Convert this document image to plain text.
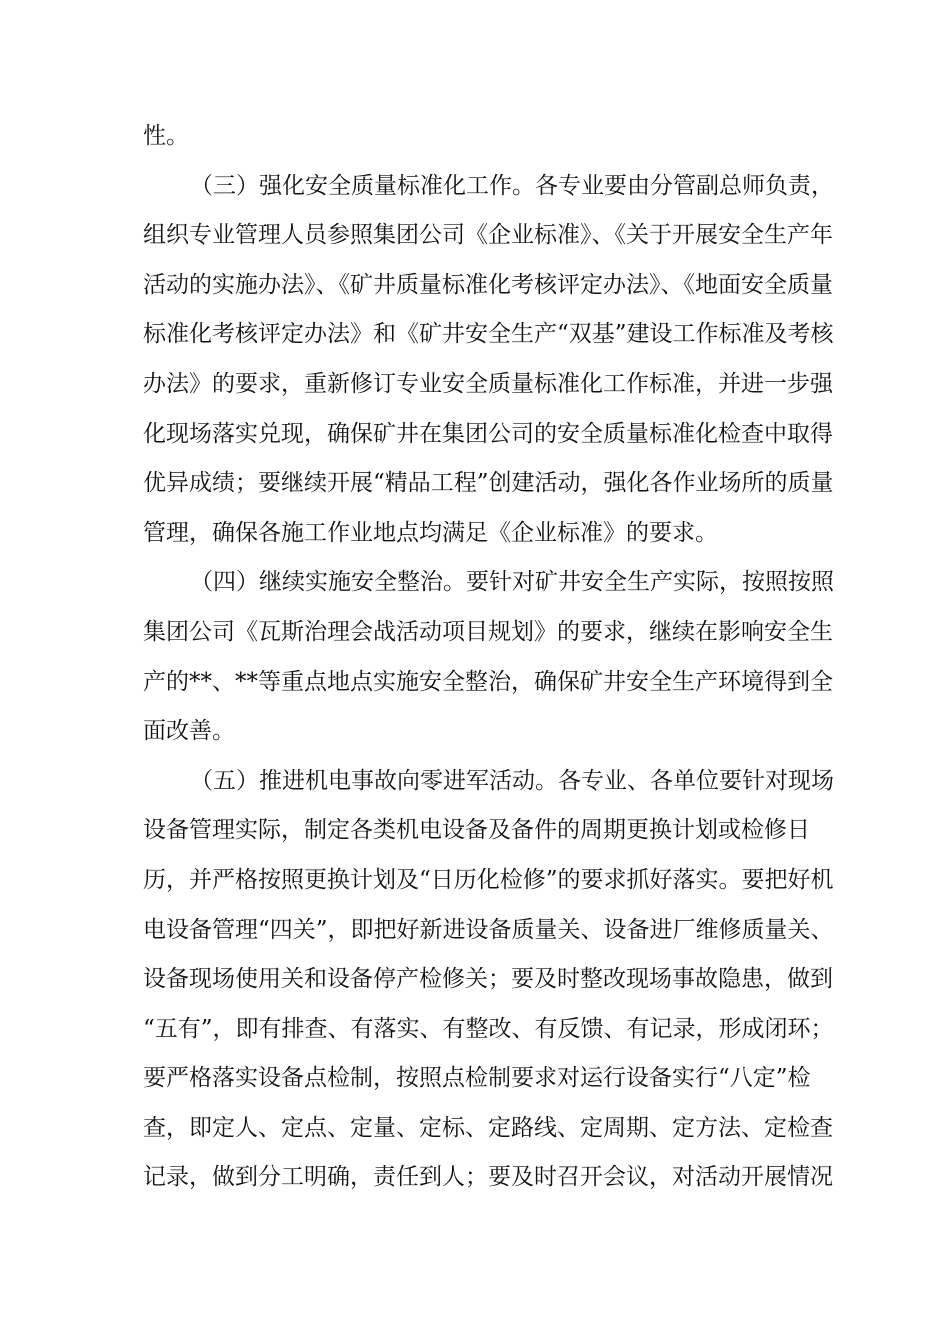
性。
（三）强化安全质量标准化工作。各专业要由分管副总师负责，
组织专业管理人员参照集团公司《企业标准》、《关于开展安全生产年
活动的实施办法》、《矿井质量标准化考核评定办法》、《地面安全质量
标准化考核评定办法》和《矿井安全生产“双基”建设工作标准及考核
办法》的要求，重新修订专业安全质量标准化工作标准，并进一步强
化现场落实兑现，确保矿井在集团公司的安全质量标准化检查中取得
优异成绩；要继续开展“精品工程”创建活动，强化各作业场所的质量
管理，确保各施工作业地点均满足《企业标准》的要求。
（四）继续实施安全整治。要针对矿井安全生产实际，按照按照
集团公司《瓦斯治理会战活动项目规划》的要求，继续在影响安全生
产的**、**等重点地点实施安全整治，确保矿井安全生产环境得到全
面改善。
（五）推进机电事故向零进军活动。各专业、各单位要针对现场
设备管理实际，制定各类机电设备及备件的周期更换计划或检修日
历，并严格按照更换计划及“日历化检修”的要求抓好落实。要把好机
电设备管理“四关”，即把好新进设备质量关、设备进厂维修质量关、
设备现场使用关和设备停产检修关；要及时整改现场事故隐患，做到
“五有”，即有排查、有落实、有整改、有反馈、有记录，形成闭环；
要严格落实设备点检制，按照点检制要求对运行设备实行“八定”检
查，即定人、定点、定量、定标、定路线、定周期、定方法、定检查
记录，做到分工明确，责任到人；要及时召开会议，对活动开展情况
